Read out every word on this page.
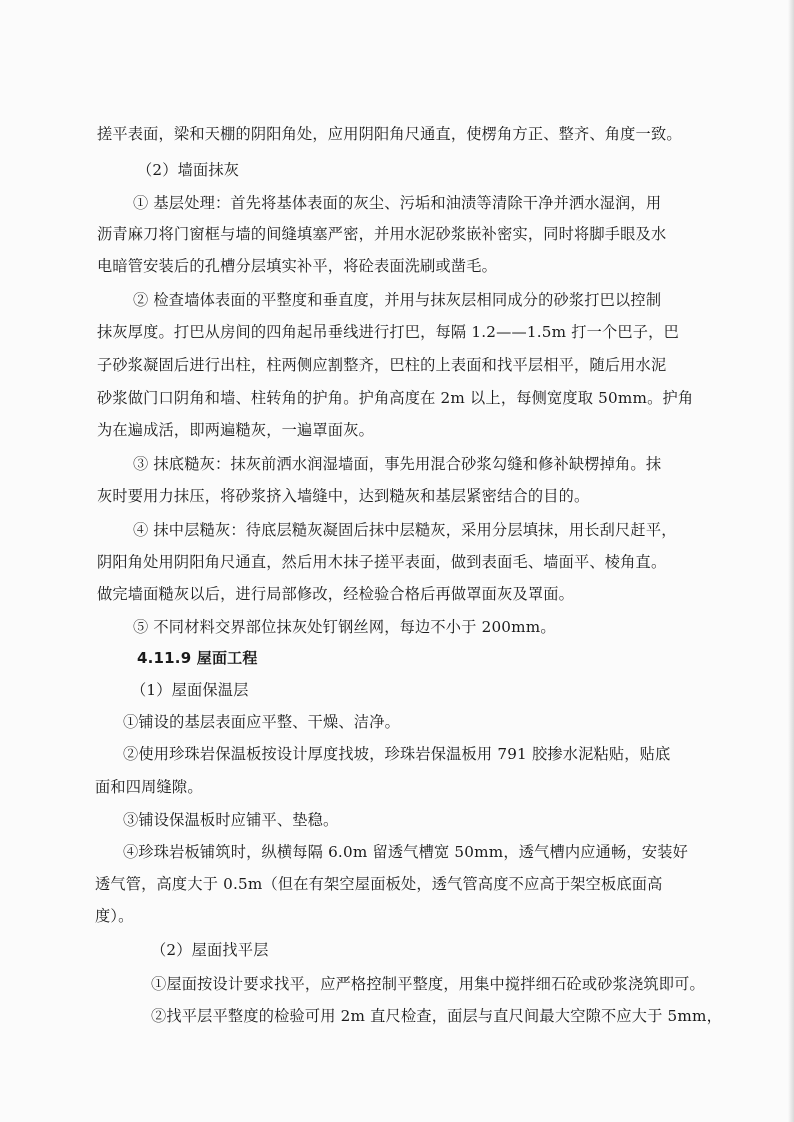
搓平表面，梁和天棚的阴阳角处，应用阴阳角尺通直，使楞角方正、整齐、角度一致。
（2）墙面抹灰
① 基层处理：首先将基体表面的灰尘、污垢和油渍等清除干净并洒水湿润，用
沥青麻刀将门窗框与墙的间缝填塞严密，并用水泥砂浆嵌补密实，同时将脚手眼及水
电暗管安装后的孔槽分层填实补平，将砼表面洗刷或凿毛。
② 检查墙体表面的平整度和垂直度，并用与抹灰层相同成分的砂浆打巴以控制
抹灰厚度。打巴从房间的四角起吊垂线进行打巴，每隔 1.2——1.5m 打一个巴子，巴
子砂浆凝固后进行出柱，柱两侧应割整齐，巴柱的上表面和找平层相平，随后用水泥
砂浆做门口阴角和墙、柱转角的护角。护角高度在 2m 以上，每侧宽度取 50mm。护角
为在遍成活，即两遍糙灰，一遍罩面灰。
③ 抹底糙灰：抹灰前洒水润湿墙面，事先用混合砂浆勾缝和修补缺楞掉角。抹
灰时要用力抹压，将砂浆挤入墙缝中，达到糙灰和基层紧密结合的目的。
④ 抹中层糙灰：待底层糙灰凝固后抹中层糙灰，采用分层填抹，用长刮尺赶平，
阴阳角处用阴阳角尺通直，然后用木抹子搓平表面，做到表面毛、墙面平、棱角直。
做完墙面糙灰以后，进行局部修改，经检验合格后再做罩面灰及罩面。
⑤ 不同材料交界部位抹灰处钉钢丝网，每边不小于 200mm。
4.11.9 屋面工程
（1）屋面保温层
①铺设的基层表面应平整、干燥、洁净。
②使用珍珠岩保温板按设计厚度找坡，珍珠岩保温板用 791 胶掺水泥粘贴，贴底
面和四周缝隙。
③铺设保温板时应铺平、垫稳。
④珍珠岩板铺筑时，纵横每隔 6.0m 留透气槽宽 50mm，透气槽内应通畅，安装好
透气管，高度大于 0.5m（但在有架空屋面板处，透气管高度不应高于架空板底面高
度）。
（2）屋面找平层
①屋面按设计要求找平，应严格控制平整度，用集中搅拌细石砼或砂浆浇筑即可。
②找平层平整度的检验可用 2m 直尺检查，面层与直尺间最大空隙不应大于 5mm，
